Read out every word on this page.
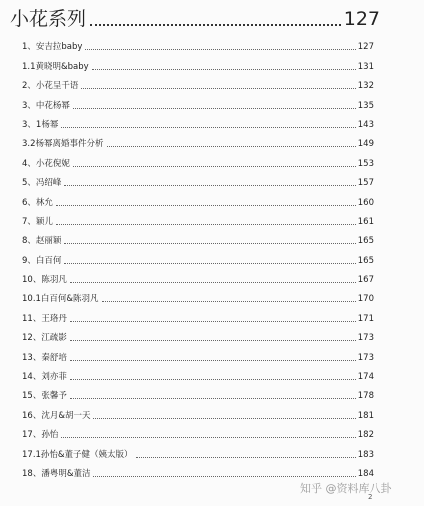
小花系列	127
1、安吉拉baby	127
1.1黄晓明&baby	131
2、小花呈千语	132
3、中花杨幂	135
3、1杨幂	143
3.2杨幂离婚事件分析	149
4、小花倪妮	153
5、冯绍峰	157
6、林允	160
7、颖儿	161
8、赵丽颖	165
9、白百何	165
10、陈羽凡	167
10.1白百何&陈羽凡	170
11、王珞丹	171
12、江疏影	173
13、秦舒培	173
14、刘亦菲	174
15、张馨予	178
16、沈月&胡一天	181
17、孙怡	182
17.1孙怡&董子健（姨太版）	183
18、潘粤明&董洁	184
知乎 @资料库八卦
2
